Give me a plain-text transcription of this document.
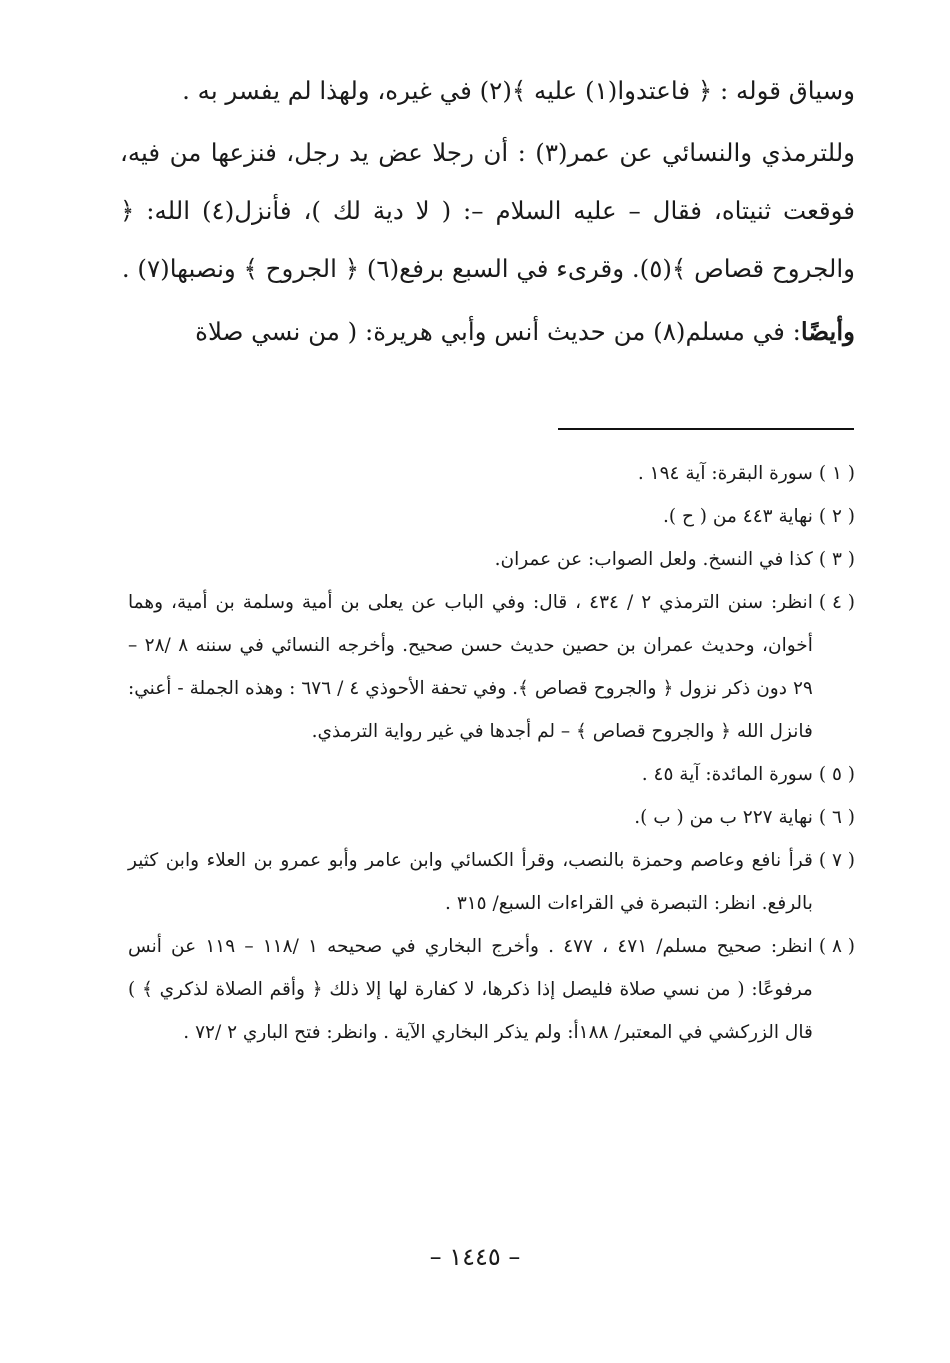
وسياق قوله : ﴿ فاعتدوا(١) عليه ﴾(٢) في غيره، ولهذا لم يفسر به .

وللترمذي والنسائي عن عمر(٣) : أن رجلا عض يد رجل، فنزعها من فيه، فوقعت ثنيتاه، فقال – عليه السلام –: ( لا دية لك )، فأنزل(٤) الله: ﴿ والجروح قصاص ﴾(٥). وقرىء في السبع برفع(٦) ﴿ الجروح ﴾ ونصبها(٧) .

وأيضًا: في مسلم(٨) من حديث أنس وأبي هريرة: ( من نسي صلاة

( ١ )
سورة البقرة: آية ١٩٤ .
( ٢ )
نهاية ٤٤٣ من ( ح ).
( ٣ )
كذا في النسخ. ولعل الصواب: عن عمران.
( ٤ )
انظر: سنن الترمذي ٢ / ٤٣٤ ، قال: وفي الباب عن يعلى بن أمية وسلمة بن أمية، وهما أخوان، وحديث عمران بن حصين حديث حسن صحيح. وأخرجه النسائي في سننه ٨ /٢٨ – ٢٩ دون ذكر نزول ﴿ والجروح قصاص ﴾. وفي تحفة الأحوذي ٤ / ٦٧٦ : وهذه الجملة - أعني: فانزل الله ﴿ والجروح قصاص ﴾ – لم أجدها في غير رواية الترمذي.
( ٥ )
سورة المائدة: آية ٤٥ .
( ٦ )
نهاية ٢٢٧ ب من ( ب ).
( ٧ )
قرأ نافع وعاصم وحمزة بالنصب، وقرأ الكسائي وابن عامر وأبو عمرو بن العلاء وابن كثير بالرفع. انظر: التبصرة في القراءات السبع/ ٣١٥ .
( ٨ )
انظر: صحيح مسلم/ ٤٧١ ، ٤٧٧ . وأخرج البخاري في صحيحه ١ /١١٨ – ١١٩ عن أنس مرفوعًا: ( من نسي صلاة فليصل إذا ذكرها، لا كفارة لها إلا ذلك ﴿ وأقم الصلاة لذكري ﴾ ) قال الزركشي في المعتبر/ ١٨٨أ: ولم يذكر البخاري الآية . وانظر: فتح الباري ٢ /٧٢ .
– ١٤٤٥ –
